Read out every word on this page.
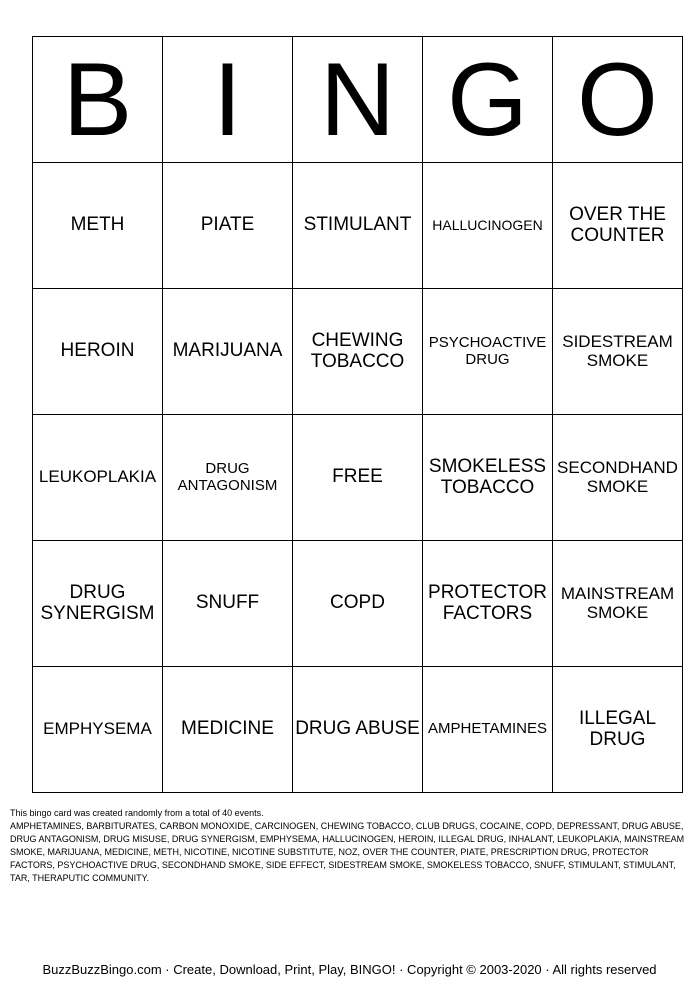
B	I	N	G	O
METH	PIATE	STIMULANT	HALLUCINOGEN	OVER THE COUNTER
HEROIN	MARIJUANA	CHEWING TOBACCO	PSYCHOACTIVE DRUG	SIDESTREAM SMOKE
LEUKOPLAKIA	DRUG ANTAGONISM	FREE	SMOKELESS TOBACCO	SECONDHAND SMOKE
DRUG SYNERGISM	SNUFF	COPD	PROTECTOR FACTORS	MAINSTREAM SMOKE
EMPHYSEMA	MEDICINE	DRUG ABUSE	AMPHETAMINES	ILLEGAL DRUG
This bingo card was created randomly from a total of 40 events.
AMPHETAMINES, BARBITURATES, CARBON MONOXIDE, CARCINOGEN, CHEWING TOBACCO, CLUB DRUGS, COCAINE, COPD, DEPRESSANT, DRUG ABUSE, DRUG ANTAGONISM, DRUG MISUSE, DRUG SYNERGISM, EMPHYSEMA, HALLUCINOGEN, HEROIN, ILLEGAL DRUG, INHALANT, LEUKOPLAKIA, MAINSTREAM SMOKE, MARIJUANA, MEDICINE, METH, NICOTINE, NICOTINE SUBSTITUTE, NOZ, OVER THE COUNTER, PIATE, PRESCRIPTION DRUG, PROTECTOR FACTORS, PSYCHOACTIVE DRUG, SECONDHAND SMOKE, SIDE EFFECT, SIDESTREAM SMOKE, SMOKELESS TOBACCO, SNUFF, STIMULANT, STIMULANT, TAR, THERAPUTIC COMMUNITY.
BuzzBuzzBingo.com · Create, Download, Print, Play, BINGO! · Copyright © 2003-2020 · All rights reserved
